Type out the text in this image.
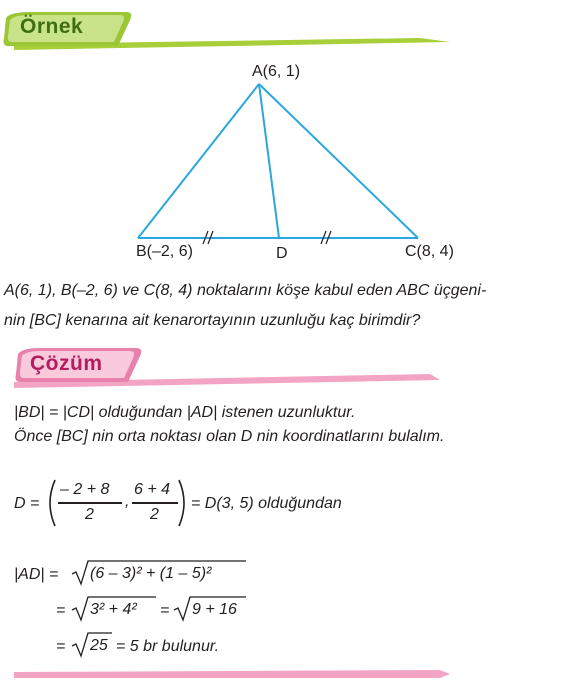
Örnek
A(6, 1)
B(–2, 6)	D	C(8, 4)
A(6, 1), B(–2, 6) ve C(8, 4) noktalarını köşe kabul eden ABC üçgeni-
nin [BC] kenarına ait kenarortayının uzunluğu kaç birimdir?
Çözüm
|BD| = |CD| olduğundan |AD| istenen uzunluktur.
Önce [BC] nin orta noktası olan D nin koordinatlarını bulalım.
D =
– 2 + 8
2
,
6 + 4
2
= D(3, 5) olduğundan
|AD| = (6 – 3)² + (1 – 5)²
= 3² + 4² = 9 + 16
= 25 = 5 br bulunur.
